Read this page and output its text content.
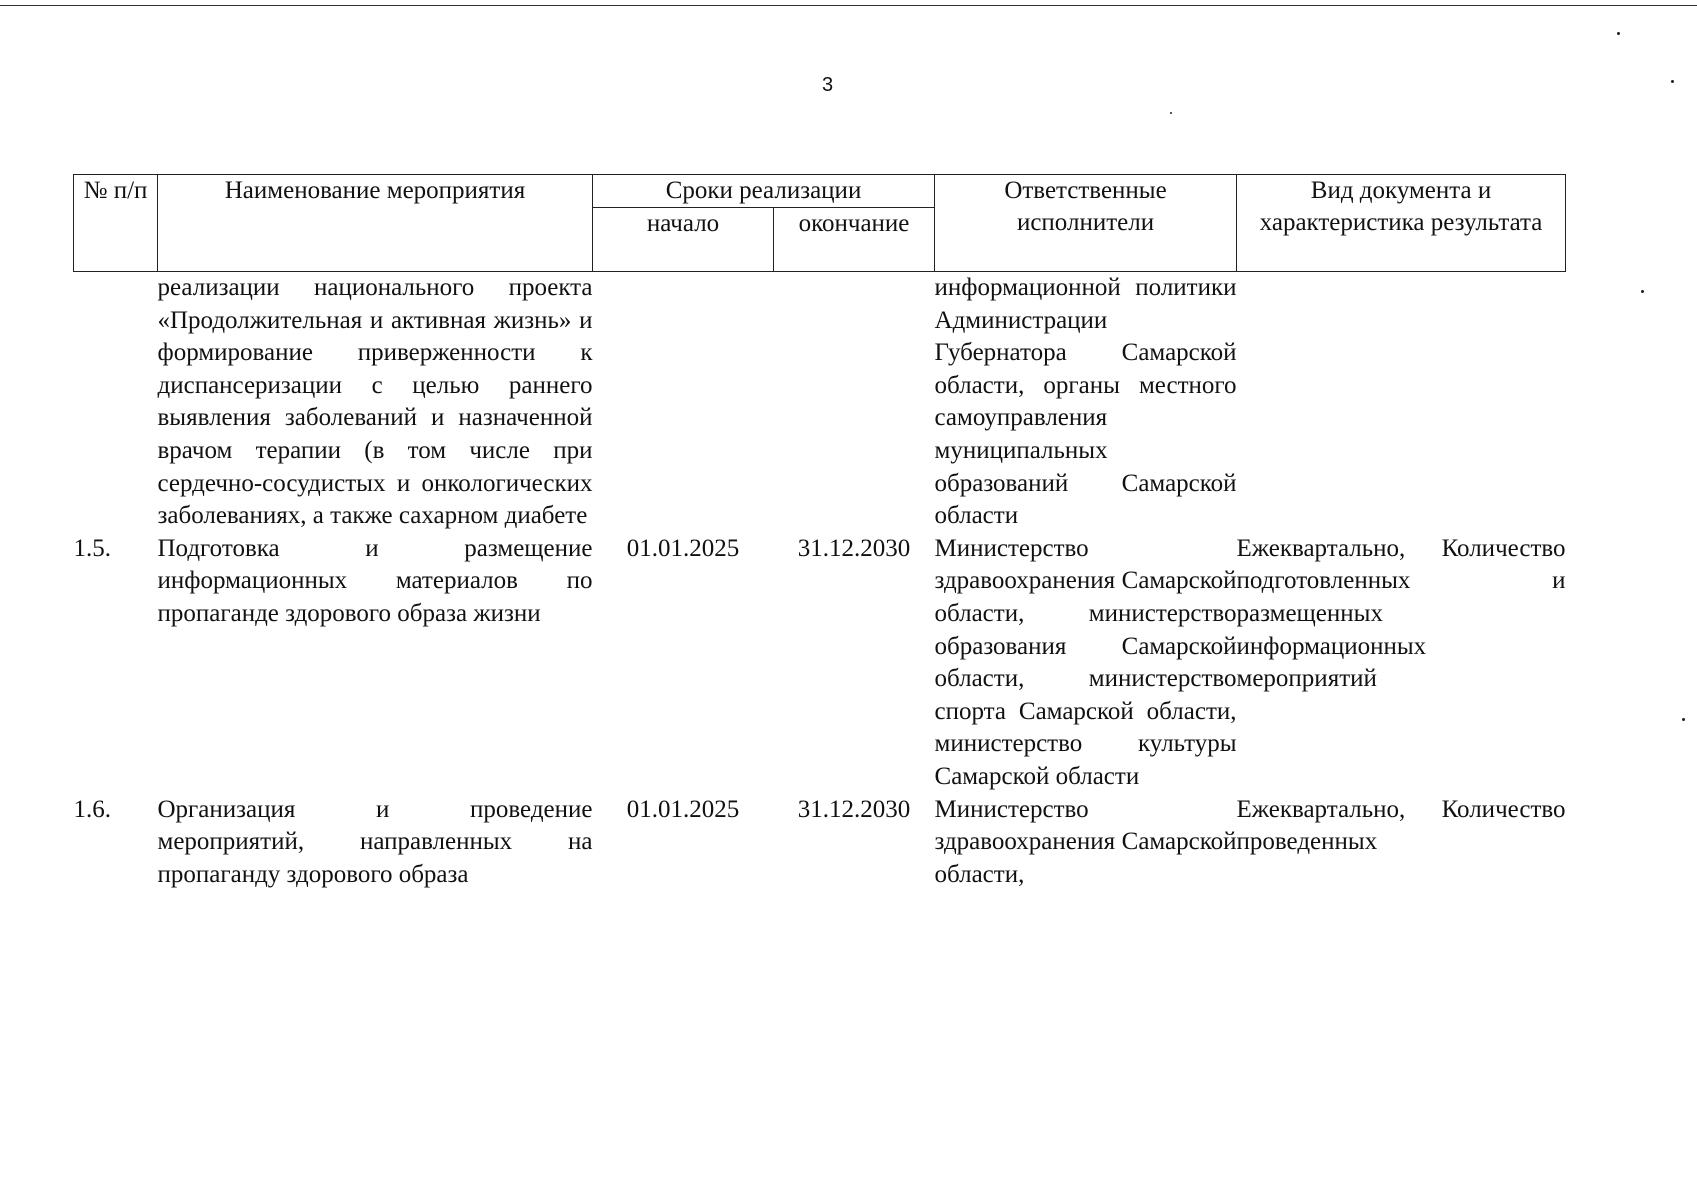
3
№ п/п	Наименование мероприятия	Сроки реализации		Ответственные исполнители	Вид документа и характеристика результата
		начало	окончание		
	реализации национального проекта «Продолжительная и активная жизнь» и формирование приверженности к диспансеризации с целью раннего выявления заболеваний и назначенной врачом терапии (в том числе при сердечно-сосудистых и онкологических заболеваниях, а также сахарном диабете			информационной политики Администрации Губернатора Самарской области, органы местного самоуправления муниципальных образований Самарской области	
1.5.	Подготовка и размещение информационных материалов по пропаганде здорового образа жизни	01.01.2025	31.12.2030	Министерство здравоохранения Самарской области, министерство образования Самарской области, министерство спорта Самарской области, министерство культуры Самарской области	Ежеквартально, Количество подготовленных и размещенных информационных мероприятий
1.6.	Организация и проведение мероприятий, направленных на пропаганду здорового образа	01.01.2025	31.12.2030	Министерство здравоохранения Самарской области,	Ежеквартально, Количество проведенных
